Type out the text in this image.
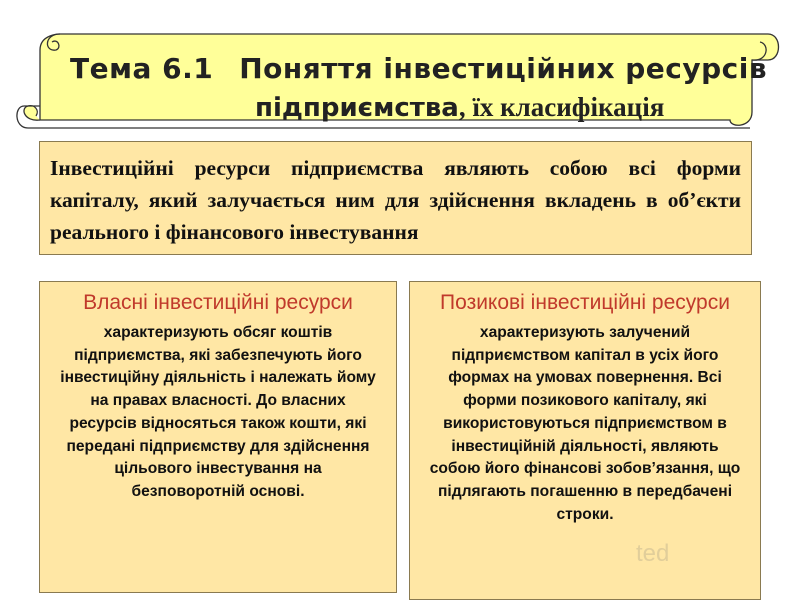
Тема 6.1 Поняття інвестиційних ресурсів
підприємства, їх класифікація
Інвестиційні ресурси підприємства являють собою всі форми капіталу, який залучається ним для здійснення вкладень в об’єкти реального і фінансового інвестування
Власні інвестиційні ресурси
характеризують обсяг коштів підприємства, які забезпечують його інвестиційну діяльність і належать йому на правах власності. До власних ресурсів відносяться також кошти, які передані підприємству для здійснення цільового інвестування на безповоротній основі.
Позикові інвестиційні ресурси
характеризують залучений підприємством капітал в усіх його формах на умовах повернення. Всі форми позикового капіталу, які використовуються підприємством в інвестиційній діяльності, являють собою його фінансові зобов’язання, що підлягають погашенню в передбачені строки.
ted
